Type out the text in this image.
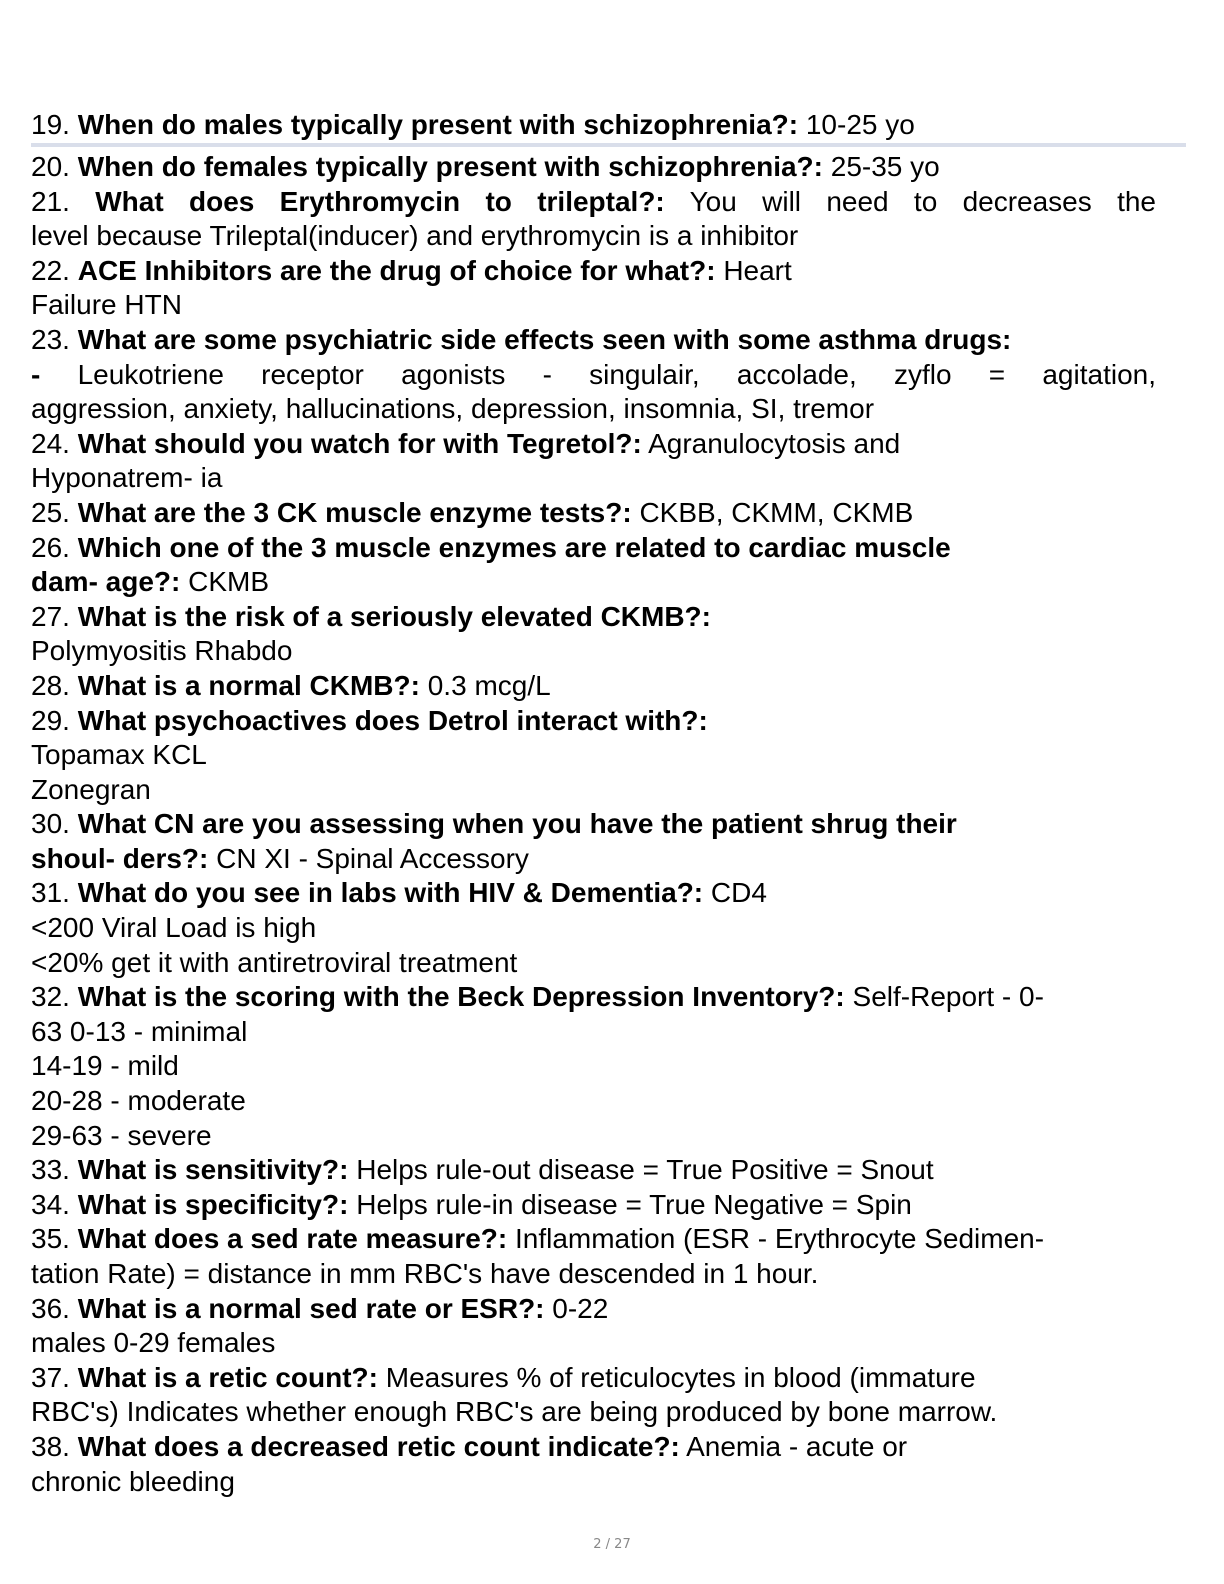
19. When do males typically present with schizophrenia?: 10-25 yo
20. When do females typically present with schizophrenia?: 25-35 yo
21. What does Erythromycin to trileptal?: You will need to decreases the
level because Trileptal(inducer) and erythromycin is a inhibitor
22. ACE Inhibitors are the drug of choice for what?: Heart
Failure HTN
23. What are some psychiatric side effects seen with some asthma drugs:
- Leukotriene receptor agonists - singulair, accolade, zyflo = agitation,
aggression, anxiety, hallucinations, depression, insomnia, SI, tremor
24. What should you watch for with Tegretol?: Agranulocytosis and
Hyponatrem- ia
25. What are the 3 CK muscle enzyme tests?: CKBB, CKMM, CKMB
26. Which one of the 3 muscle enzymes are related to cardiac muscle
dam- age?: CKMB
27. What is the risk of a seriously elevated CKMB?:
Polymyositis Rhabdo
28. What is a normal CKMB?: 0.3 mcg/L
29. What psychoactives does Detrol interact with?:
Topamax KCL
Zonegran
30. What CN are you assessing when you have the patient shrug their
shoul- ders?: CN XI - Spinal Accessory
31. What do you see in labs with HIV & Dementia?: CD4
<200 Viral Load is high
<20% get it with antiretroviral treatment
32. What is the scoring with the Beck Depression Inventory?: Self-Report - 0-
63 0-13 - minimal
14-19 - mild
20-28 - moderate
29-63 - severe
33. What is sensitivity?: Helps rule-out disease = True Positive = Snout
34. What is specificity?: Helps rule-in disease = True Negative = Spin
35. What does a sed rate measure?: Inflammation (ESR - Erythrocyte Sedimen-
tation Rate) = distance in mm RBC's have descended in 1 hour.
36. What is a normal sed rate or ESR?: 0-22
males 0-29 females
37. What is a retic count?: Measures % of reticulocytes in blood (immature
RBC's) Indicates whether enough RBC's are being produced by bone marrow.
38. What does a decreased retic count indicate?: Anemia - acute or
chronic bleeding
2 / 27
